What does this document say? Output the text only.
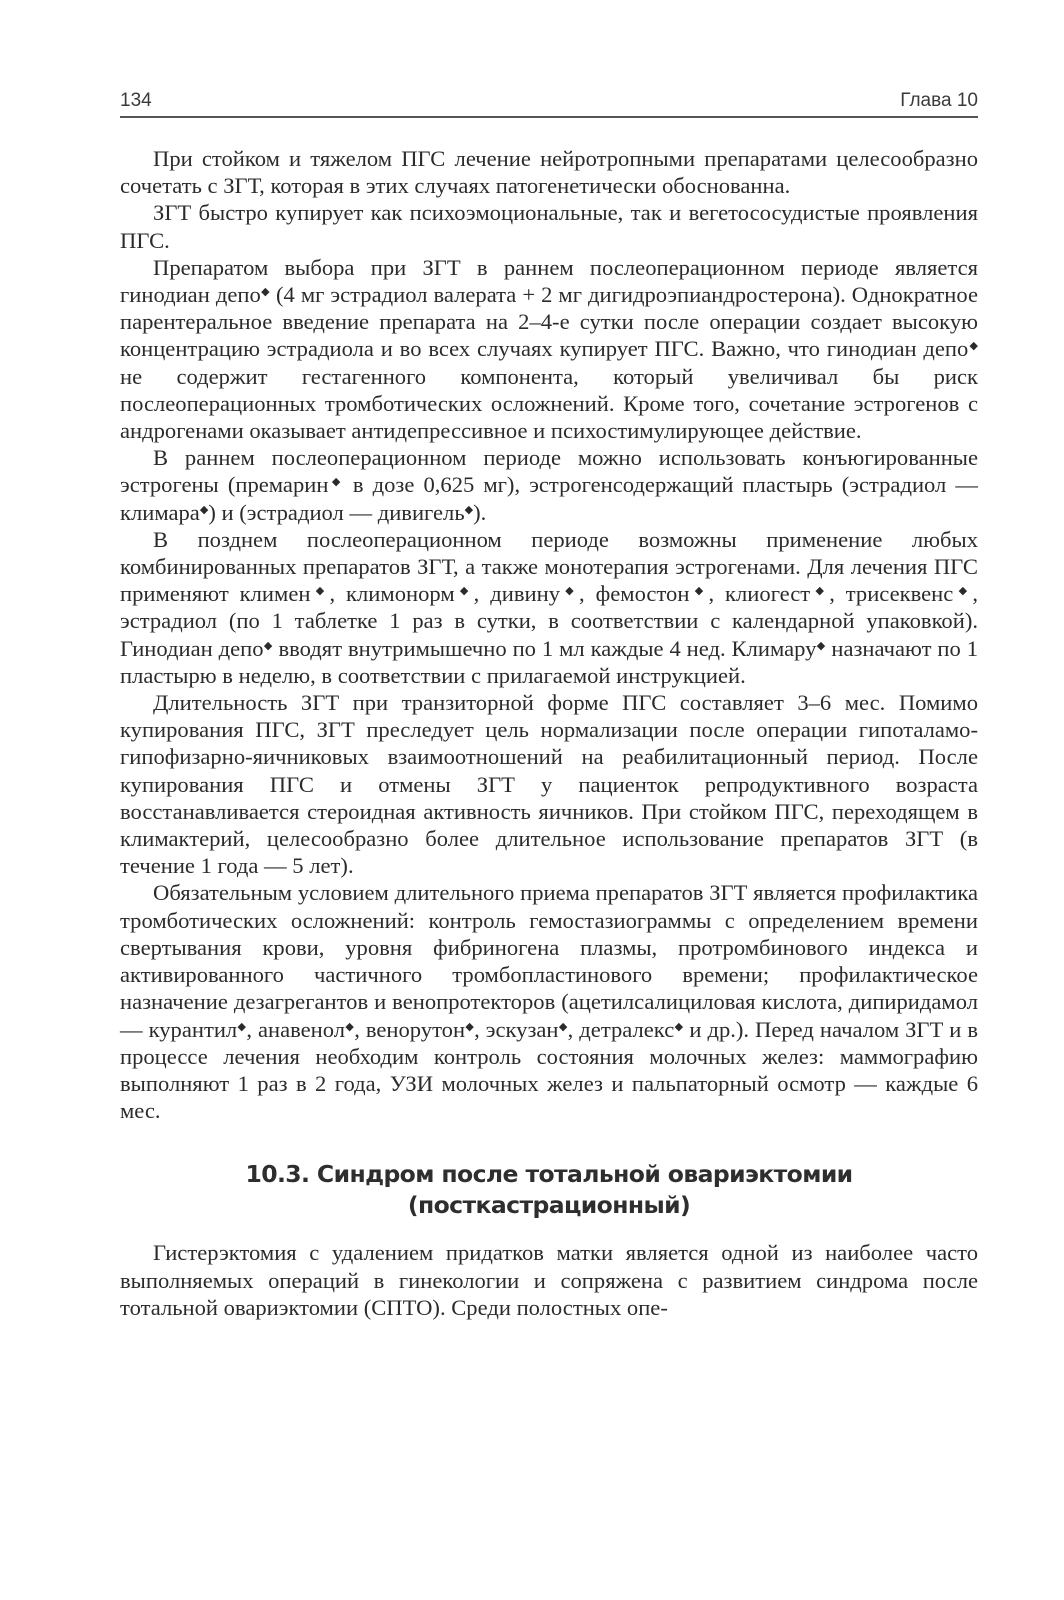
134	Глава 10

При стойком и тяжелом ПГС лечение нейротропными препаратами целесообразно сочетать с ЗГТ, которая в этих случаях патогенетически обоснованна.

ЗГТ быстро купирует как психоэмоциональные, так и вегетососудистые проявления ПГС.

Препаратом выбора при ЗГТ в раннем послеоперационном периоде является гинодиан депо◆ (4 мг эстрадиол валерата + 2 мг дигидроэпиандростерона). Однократное парентеральное введение препарата на 2–4-е сутки после операции создает высокую концентрацию эстрадиола и во всех случаях купирует ПГС. Важно, что гинодиан депо◆ не содержит гестагенного компонента, который увеличивал бы риск послеоперационных тромботических осложнений. Кроме того, сочетание эстрогенов с андрогенами оказывает антидепрессивное и психостимулирующее действие.

В раннем послеоперационном периоде можно использовать конъюгированные эстрогены (премарин◆ в дозе 0,625 мг), эстрогенсодержащий пластырь (эстрадиол — климара◆) и (эстрадиол — дивигель◆).

В позднем послеоперационном периоде возможны применение любых комбинированных препаратов ЗГТ, а также монотерапия эстрогенами. Для лечения ПГС применяют климен◆, климонорм◆, дивину◆, фемостон◆, клиогест◆, трисеквенс◆, эстрадиол (по 1 таблетке 1 раз в сутки, в соответствии с календарной упаковкой). Гинодиан депо◆ вводят внутримышечно по 1 мл каждые 4 нед. Климару◆ назначают по 1 пластырю в неделю, в соответствии с прилагаемой инструкцией.

Длительность ЗГТ при транзиторной форме ПГС составляет 3–6 мес. Помимо купирования ПГС, ЗГТ преследует цель нормализации после операции гипоталамо-гипофизарно-яичниковых взаимоотношений на реабилитационный период. После купирования ПГС и отмены ЗГТ у пациенток репродуктивного возраста восстанавливается стероидная активность яичников. При стойком ПГС, переходящем в климактерий, целесообразно более длительное использование препаратов ЗГТ (в течение 1 года — 5 лет).

Обязательным условием длительного приема препаратов ЗГТ является профилактика тромботических осложнений: контроль гемостазиограммы с определением времени свертывания крови, уровня фибриногена плазмы, протромбинового индекса и активированного частичного тромбопластинового времени; профилактическое назначение дезагрегантов и венопротекторов (ацетилсалициловая кислота, дипиридамол — курантил◆, анавенол◆, венорутон◆, эскузан◆, детралекс◆ и др.). Перед началом ЗГТ и в процессе лечения необходим контроль состояния молочных желез: маммографию выполняют 1 раз в 2 года, УЗИ молочных желез и пальпаторный осмотр — каждые 6 мес.

10.3. Синдром после тотальной овариэктомии
(посткастрационный)

Гистерэктомия с удалением придатков матки является одной из наиболее часто выполняемых операций в гинекологии и сопряжена с развитием синдрома после тотальной овариэктомии (СПТО). Среди полостных опе-
